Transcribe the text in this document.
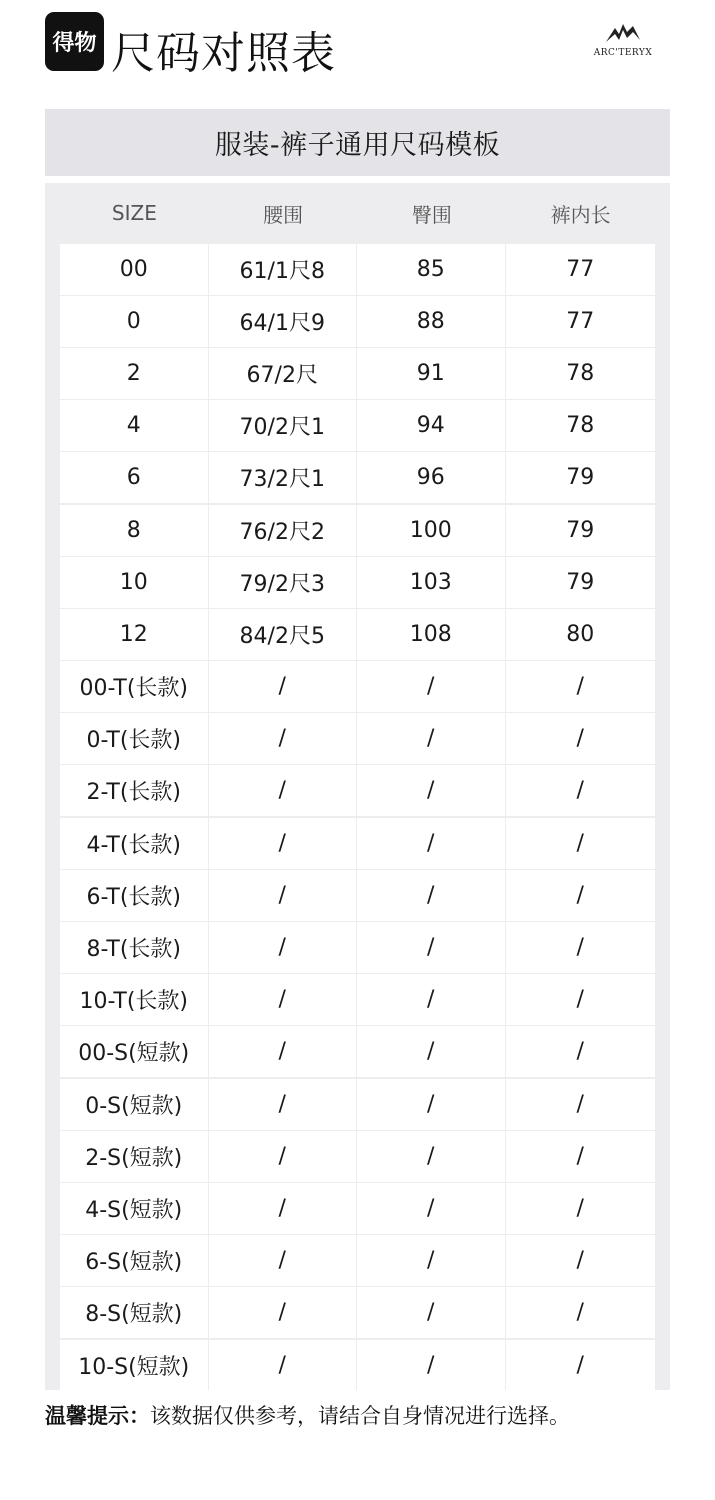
得物 尺码对照表	ARC'TERYX
服装-裤子通用尺码模板
SIZE	腰围	臀围	裤内长
00	61/1尺8	85	77
0	64/1尺9	88	77
2	67/2尺	91	78
4	70/2尺1	94	78
6	73/2尺1	96	79
8	76/2尺2	100	79
10	79/2尺3	103	79
12	84/2尺5	108	80
00-T(长款)	/	/	/
0-T(长款)	/	/	/
2-T(长款)	/	/	/
4-T(长款)	/	/	/
6-T(长款)	/	/	/
8-T(长款)	/	/	/
10-T(长款)	/	/	/
00-S(短款)	/	/	/
0-S(短款)	/	/	/
2-S(短款)	/	/	/
4-S(短款)	/	/	/
6-S(短款)	/	/	/
8-S(短款)	/	/	/
10-S(短款)	/	/	/
温馨提示：该数据仅供参考，请结合自身情况进行选择。
